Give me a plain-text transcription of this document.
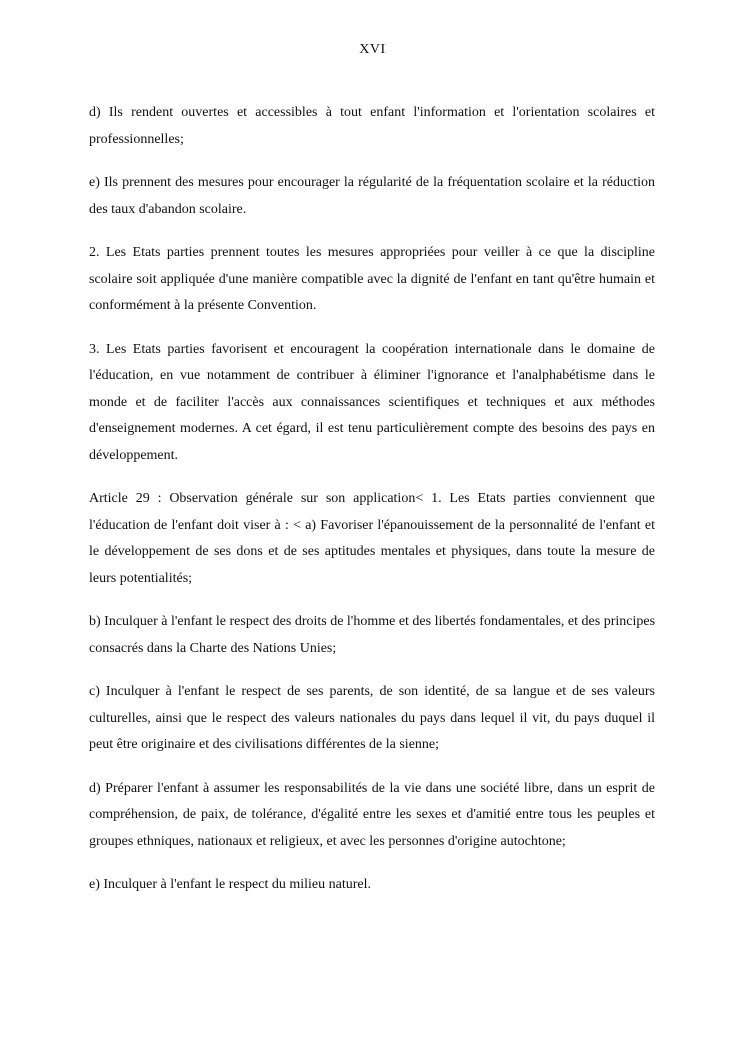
XVI

d) Ils rendent ouvertes et accessibles à tout enfant l'information et l'orientation scolaires et professionnelles;

e) Ils prennent des mesures pour encourager la régularité de la fréquentation scolaire et la réduction des taux d'abandon scolaire.

2. Les Etats parties prennent toutes les mesures appropriées pour veiller à ce que la discipline scolaire soit appliquée d'une manière compatible avec la dignité de l'enfant en tant qu'être humain et conformément à la présente Convention.

3. Les Etats parties favorisent et encouragent la coopération internationale dans le domaine de l'éducation, en vue notamment de contribuer à éliminer l'ignorance et l'analphabétisme dans le monde et de faciliter l'accès aux connaissances scientifiques et techniques et aux méthodes d'enseignement modernes. A cet égard, il est tenu particulièrement compte des besoins des pays en développement.

Article 29 : Observation générale sur son application< 1. Les Etats parties conviennent que l'éducation de l'enfant doit viser à : < a) Favoriser l'épanouissement de la personnalité de l'enfant et le développement de ses dons et de ses aptitudes mentales et physiques, dans toute la mesure de leurs potentialités;

b) Inculquer à l'enfant le respect des droits de l'homme et des libertés fondamentales, et des principes consacrés dans la Charte des Nations Unies;

c) Inculquer à l'enfant le respect de ses parents, de son identité, de sa langue et de ses valeurs culturelles, ainsi que le respect des valeurs nationales du pays dans lequel il vit, du pays duquel il peut être originaire et des civilisations différentes de la sienne;

d) Préparer l'enfant à assumer les responsabilités de la vie dans une société libre, dans un esprit de compréhension, de paix, de tolérance, d'égalité entre les sexes et d'amitié entre tous les peuples et groupes ethniques, nationaux et religieux, et avec les personnes d'origine autochtone;

e) Inculquer à l'enfant le respect du milieu naturel.
